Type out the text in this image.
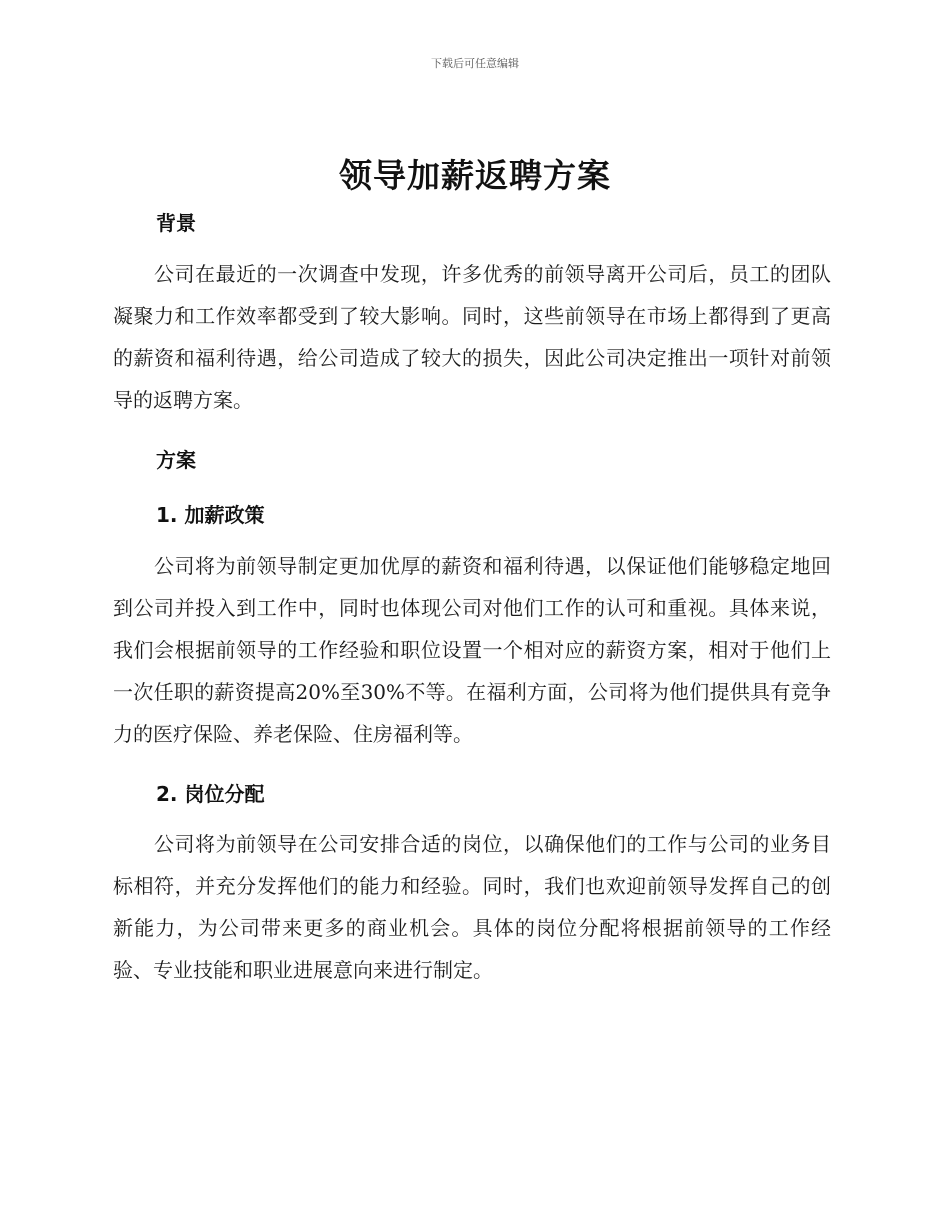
下载后可任意编辑
领导加薪返聘方案
背景
公司在最近的一次调查中发现，许多优秀的前领导离开公司后，员工的团队凝聚力和工作效率都受到了较大影响。同时，这些前领导在市场上都得到了更高的薪资和福利待遇，给公司造成了较大的损失，因此公司决定推出一项针对前领导的返聘方案。
方案
1. 加薪政策
公司将为前领导制定更加优厚的薪资和福利待遇，以保证他们能够稳定地回到公司并投入到工作中，同时也体现公司对他们工作的认可和重视。具体来说，我们会根据前领导的工作经验和职位设置一个相对应的薪资方案，相对于他们上一次任职的薪资提高20%至30%不等。在福利方面，公司将为他们提供具有竞争力的医疗保险、养老保险、住房福利等。
2. 岗位分配
公司将为前领导在公司安排合适的岗位，以确保他们的工作与公司的业务目标相符，并充分发挥他们的能力和经验。同时，我们也欢迎前领导发挥自己的创新能力，为公司带来更多的商业机会。具体的岗位分配将根据前领导的工作经验、专业技能和职业进展意向来进行制定。
